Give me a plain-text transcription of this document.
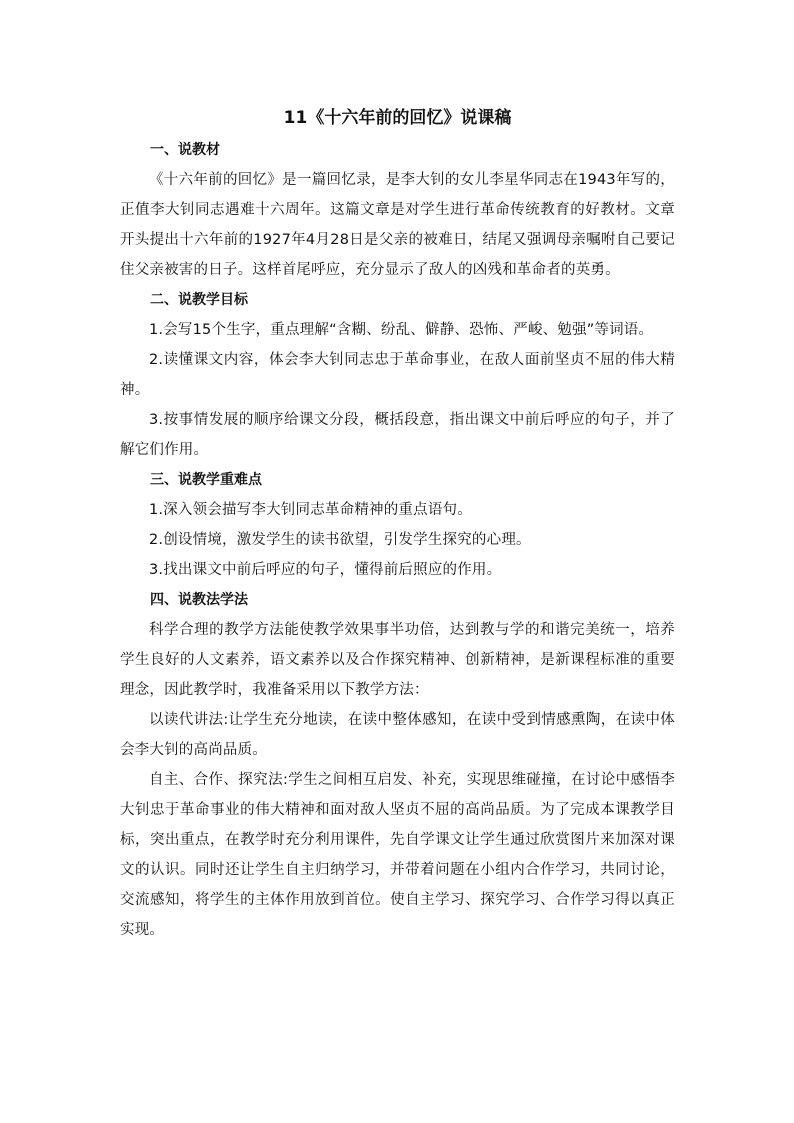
11《十六年前的回忆》说课稿
一、说教材

《十六年前的回忆》是一篇回忆录，是李大钊的女儿李星华同志在1943年写的，正值李大钊同志遇难十六周年。这篇文章是对学生进行革命传统教育的好教材。文章开头提出十六年前的1927年4月28日是父亲的被难日，结尾又强调母亲嘱咐自己要记住父亲被害的日子。这样首尾呼应，充分显示了敌人的凶残和革命者的英勇。

二、说教学目标

1.会写15个生字，重点理解“含糊、纷乱、僻静、恐怖、严峻、勉强”等词语。

2.读懂课文内容，体会李大钊同志忠于革命事业，在敌人面前坚贞不屈的伟大精神。

3.按事情发展的顺序给课文分段，概括段意，指出课文中前后呼应的句子，并了解它们作用。

三、说教学重难点

1.深入领会描写李大钊同志革命精神的重点语句。

2.创设情境，激发学生的读书欲望，引发学生探究的心理。

3.找出课文中前后呼应的句子，懂得前后照应的作用。

四、说教法学法

科学合理的教学方法能使教学效果事半功倍，达到教与学的和谐完美统一，培养学生良好的人文素养，语文素养以及合作探究精神、创新精神，是新课程标准的重要理念，因此教学时，我准备采用以下教学方法：

以读代讲法:让学生充分地读，在读中整体感知，在读中受到情感熏陶，在读中体会李大钊的高尚品质。

自主、合作、探究法:学生之间相互启发、补充，实现思维碰撞，在讨论中感悟李大钊忠于革命事业的伟大精神和面对敌人坚贞不屈的高尚品质。为了完成本课教学目标，突出重点，在教学时充分利用课件，先自学课文让学生通过欣赏图片来加深对课文的认识。同时还让学生自主归纳学习，并带着问题在小组内合作学习，共同讨论，交流感知，将学生的主体作用放到首位。使自主学习、探究学习、合作学习得以真正实现。
